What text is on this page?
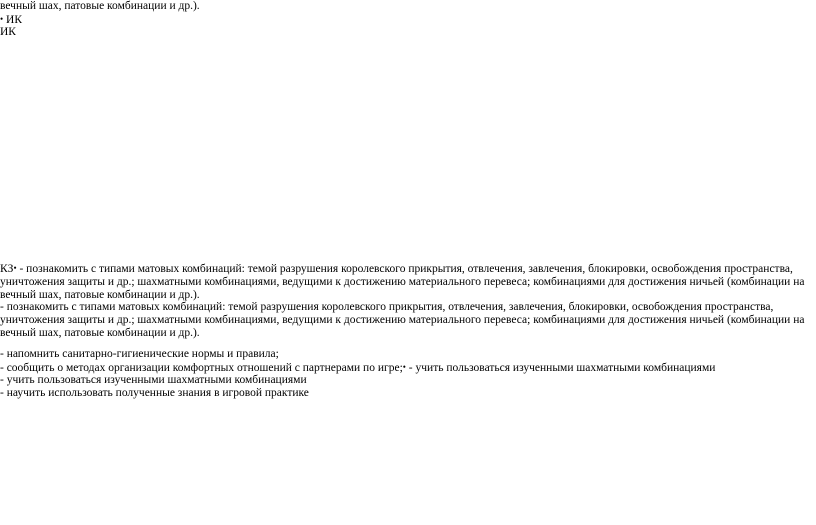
вечный шах, патовые комбинации и др.).
• ИК
ИК
КЗ• - познакомить с типами матовых комбинаций: темой разрушения королевского прикрытия, отвлечения, завлечения, блокировки, освобождения пространства, уничтожения защиты и др.; шахматными комбинациями, ведущими к достижению материального перевеса; комбинациями для достижения ничьей (комбинации на вечный шах, патовые комбинации и др.).
- познакомить с типами матовых комбинаций: темой разрушения королевского прикрытия, отвлечения, завлечения, блокировки, освобождения пространства, уничтожения защиты и др.; шахматными комбинациями, ведущими к достижению материального перевеса; комбинациями для достижения ничьей (комбинации на вечный шах, патовые комбинации и др.).
- напомнить санитарно-гигиенические нормы и правила;
- сообщить о методах организации комфортных отношений с партнерами по игре;• - учить пользоваться изученными шахматными комбинациями
- учить пользоваться изученными шахматными комбинациями
- научить использовать полученные знания в игровой практике
